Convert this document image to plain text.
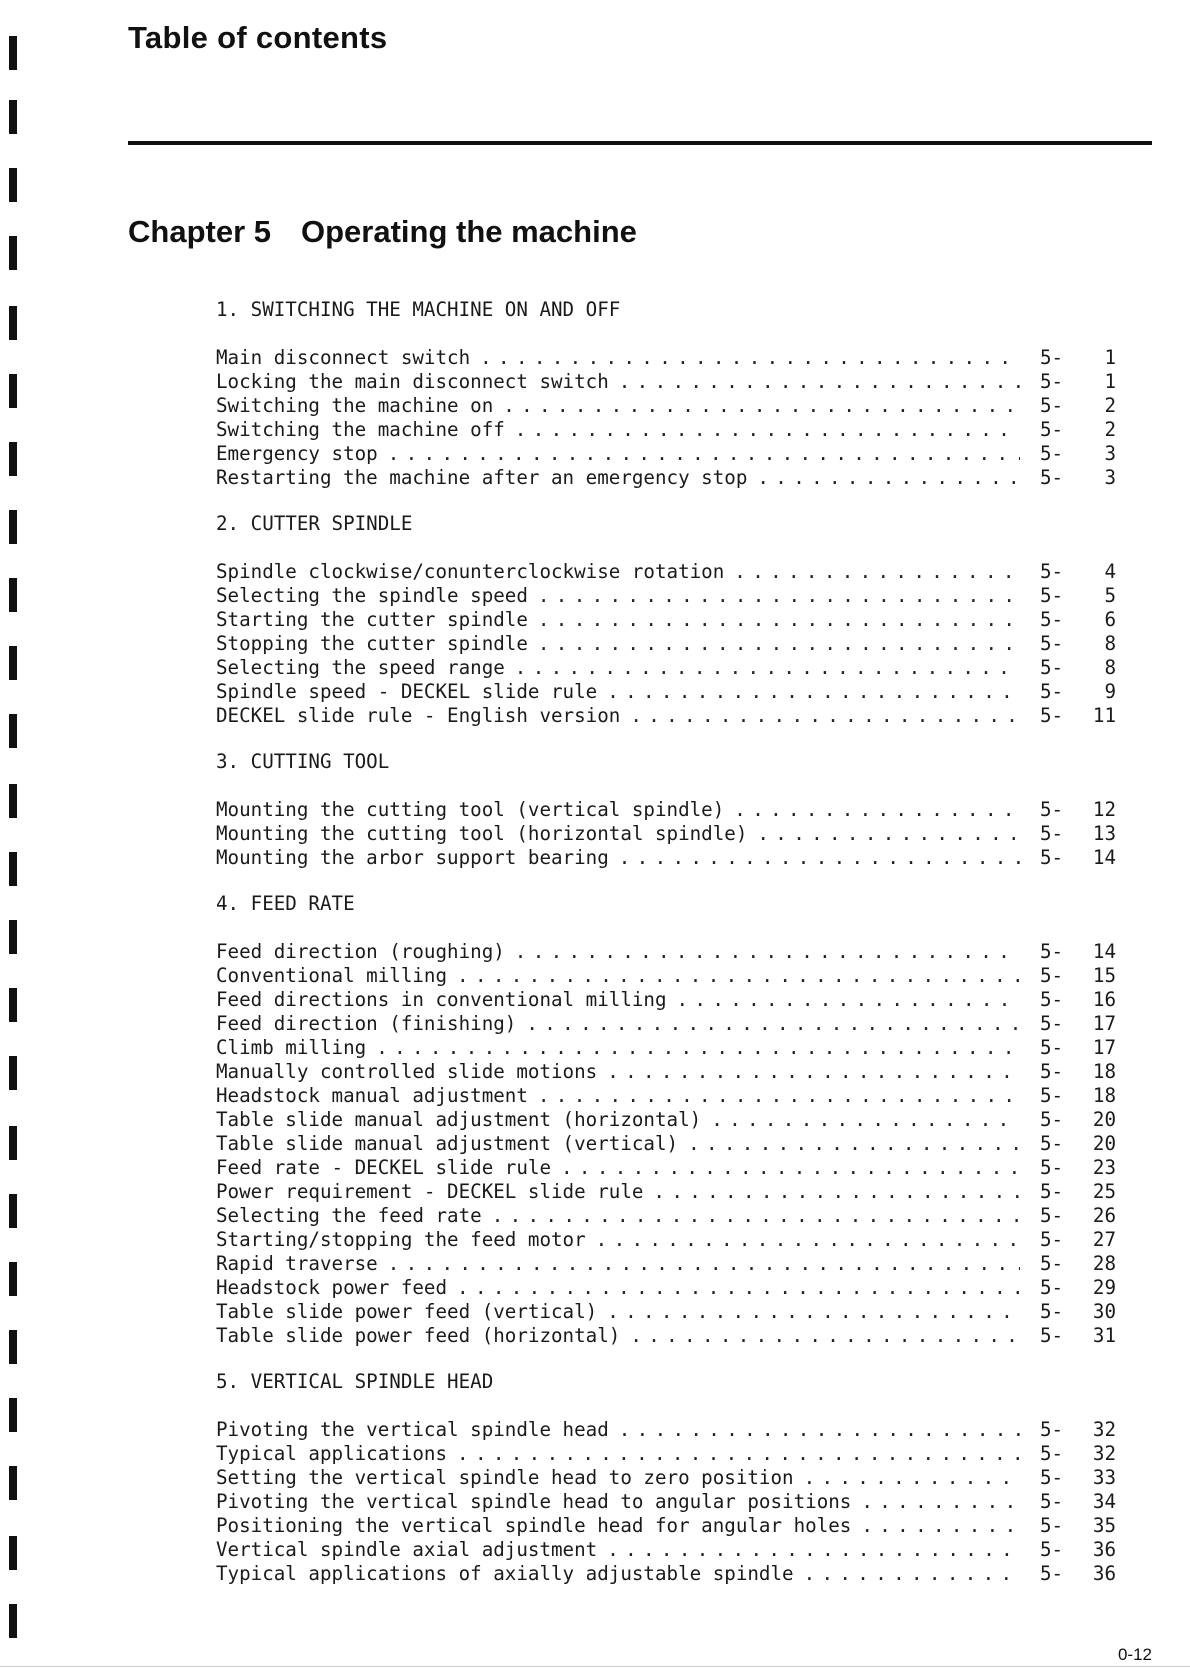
Table of contents
Chapter 5 Operating the machine
1. SWITCHING THE MACHINE ON AND OFF
Main disconnect switch . . .	5-	1
Locking the main disconnect switch . . .	5-	1
Switching the machine on . . .	5-	2
Switching the machine off . . .	5-	2
Emergency stop . . .	5-	3
Restarting the machine after an emergency stop . . .	5-	3
2. CUTTER SPINDLE
Spindle clockwise/conunterclockwise rotation . . .	5-	4
Selecting the spindle speed . . .	5-	5
Starting the cutter spindle . . .	5-	6
Stopping the cutter spindle . . .	5-	8
Selecting the speed range . . .	5-	8
Spindle speed - DECKEL slide rule . . .	5-	9
DECKEL slide rule - English version . . .	5-	11
3. CUTTING TOOL
Mounting the cutting tool (vertical spindle) . . .	5-	12
Mounting the cutting tool (horizontal spindle) . . .	5-	13
Mounting the arbor support bearing . . .	5-	14
4. FEED RATE
Feed direction (roughing) . . .	5-	14
Conventional milling . . .	5-	15
Feed directions in conventional milling . . .	5-	16
Feed direction (finishing) . . .	5-	17
Climb milling . . .	5-	17
Manually controlled slide motions . . .	5-	18
Headstock manual adjustment . . .	5-	18
Table slide manual adjustment (horizontal) . . .	5-	20
Table slide manual adjustment (vertical) . . .	5-	20
Feed rate - DECKEL slide rule . . .	5-	23
Power requirement - DECKEL slide rule . . .	5-	25
Selecting the feed rate . . .	5-	26
Starting/stopping the feed motor . . .	5-	27
Rapid traverse . . .	5-	28
Headstock power feed . . .	5-	29
Table slide power feed (vertical) . . .	5-	30
Table slide power feed (horizontal) . . .	5-	31
5. VERTICAL SPINDLE HEAD
Pivoting the vertical spindle head . . .	5-	32
Typical applications . . .	5-	32
Setting the vertical spindle head to zero position . . .	5-	33
Pivoting the vertical spindle head to angular positions . . .	5-	34
Positioning the vertical spindle head for angular holes . . .	5-	35
Vertical spindle axial adjustment . . .	5-	36
Typical applications of axially adjustable spindle . . .	5-	36

0-12
